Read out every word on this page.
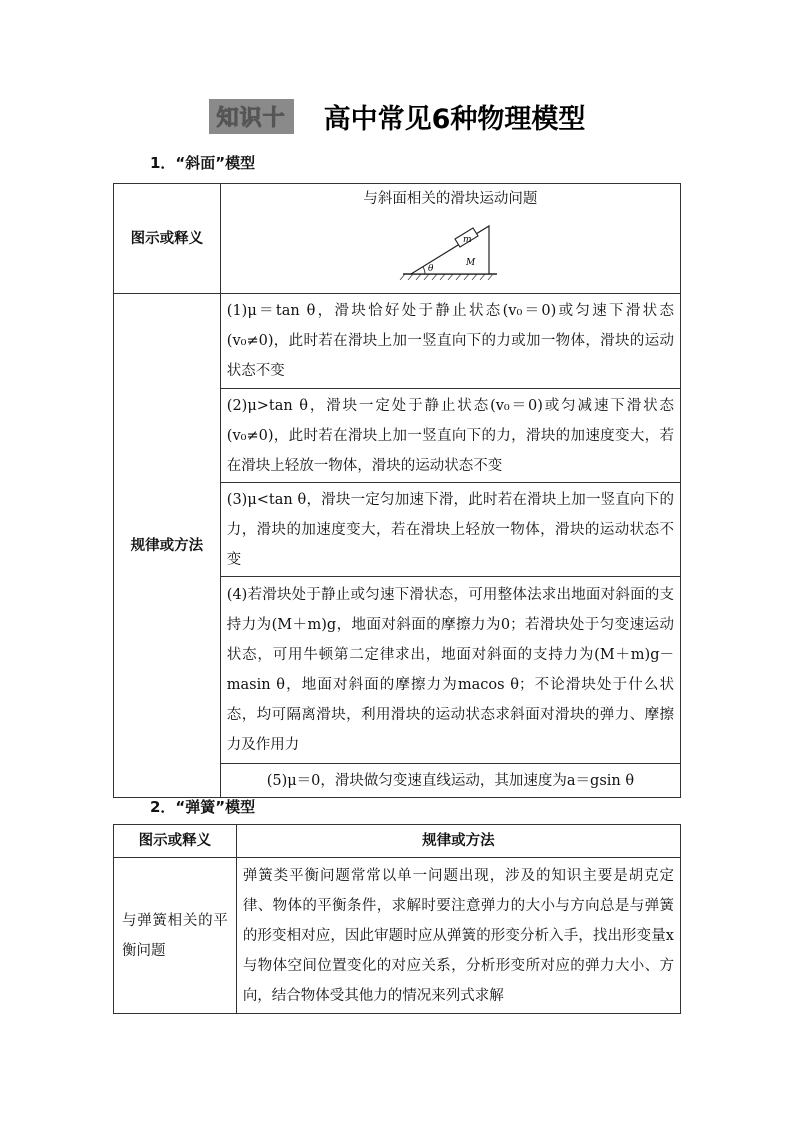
知识十 高中常见6种物理模型
1．“斜面”模型
图示或释义	与斜面相关的滑块运动问题
θ
m
M

规律或方法	(1)μ＝tan θ，滑块恰好处于静止状态(v₀＝0)或匀速下滑状态(v₀≠0)，此时若在滑块上加一竖直向下的力或加一物体，滑块的运动状态不变
	(2)μ>tan θ，滑块一定处于静止状态(v₀＝0)或匀减速下滑状态(v₀≠0)，此时若在滑块上加一竖直向下的力，滑块的加速度变大，若在滑块上轻放一物体，滑块的运动状态不变
	(3)μ<tan θ，滑块一定匀加速下滑，此时若在滑块上加一竖直向下的力，滑块的加速度变大，若在滑块上轻放一物体，滑块的运动状态不变
	(4)若滑块处于静止或匀速下滑状态，可用整体法求出地面对斜面的支持力为(M＋m)g，地面对斜面的摩擦力为0；若滑块处于匀变速运动状态，可用牛顿第二定律求出，地面对斜面的支持力为(M＋m)g－masin θ，地面对斜面的摩擦力为macos θ；不论滑块处于什么状态，均可隔离滑块，利用滑块的运动状态求斜面对滑块的弹力、摩擦力及作用力
	(5)μ＝0，滑块做匀变速直线运动，其加速度为a＝gsin θ
2．“弹簧”模型
图示或释义	规律或方法
与弹簧相关的平衡问题	弹簧类平衡问题常常以单一问题出现，涉及的知识主要是胡克定律、物体的平衡条件，求解时要注意弹力的大小与方向总是与弹簧的形变相对应，因此审题时应从弹簧的形变分析入手，找出形变量x与物体空间位置变化的对应关系，分析形变所对应的弹力大小、方向，结合物体受其他力的情况来列式求解
